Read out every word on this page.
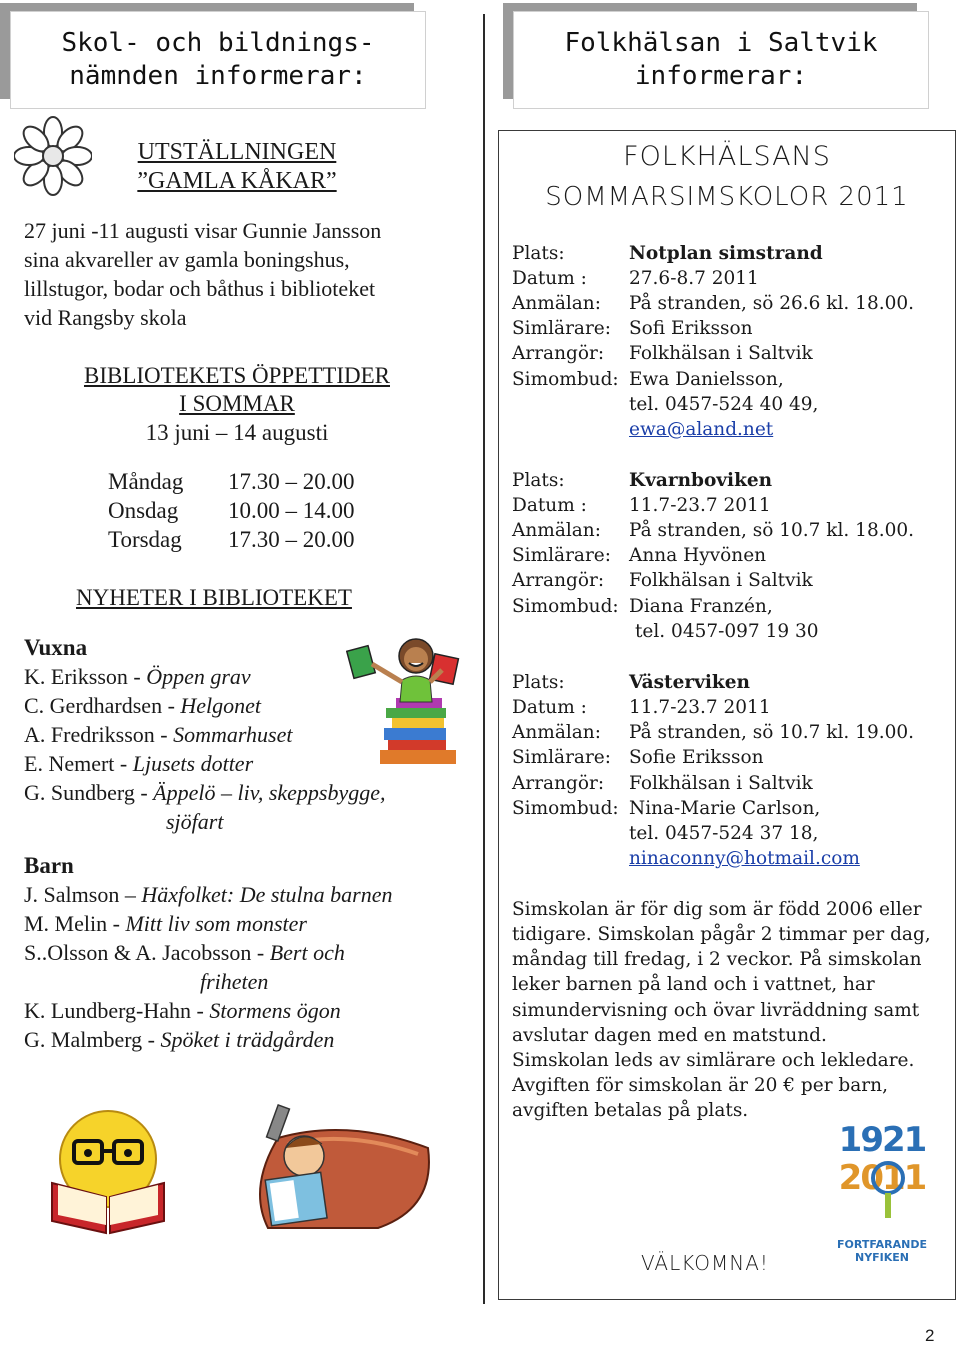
Skol- och bildnings-
nämnden informerar:
Folkhälsan i Saltvik
informerar:
UTSTÄLLNINGEN
”GAMLA KÅKAR”
27 juni -11 augusti visar Gunnie Jansson
sina akvareller av gamla boningshus,
lillstugor, bodar och båthus i biblioteket
vid Rangsby skola
BIBLIOTEKETS ÖPPETTIDER
I SOMMAR
13 juni – 14 augusti
Måndag 17.30 – 20.00
Onsdag 10.00 – 14.00
Torsdag 17.30 – 20.00
NYHETER I BIBLIOTEKET
Vuxna
K. Eriksson - Öppen grav
C. Gerdhardsen - Helgonet
A. Fredriksson - Sommarhuset
E. Nemert - Ljusets dotter
G. Sundberg - Äppelö – liv, skeppsbygge,
sjöfart
Barn
J. Salmson – Häxfolket: De stulna barnen
M. Melin - Mitt liv som monster
S..Olsson & A. Jacobsson - Bert och
friheten
K. Lundberg-Hahn - Stormens ögon
G. Malmberg - Spöket i trädgården
FOLKHÄLSANS
SOMMARSIMSKOLOR 2011
Plats:	Notplan simstrand
Datum : 27.6-8.7 2011
Anmälan: På stranden, sö 26.6 kl. 18.00.
Simlärare: Sofi Eriksson
Arrangör: Folkhälsan i Saltvik
Simombud: Ewa Danielsson,
tel. 0457-524 40 49,
ewa@aland.net
Plats:	Kvarnboviken
Datum : 11.7-23.7 2011
Anmälan: På stranden, sö 10.7 kl. 18.00.
Simlärare: Anna Hyvönen
Arrangör: Folkhälsan i Saltvik
Simombud: Diana Franzén,
tel. 0457-097 19 30
Plats:	Västerviken
Datum : 11.7-23.7 2011
Anmälan: På stranden, sö 10.7 kl. 19.00.
Simlärare: Sofie Eriksson
Arrangör: Folkhälsan i Saltvik
Simombud: Nina-Marie Carlson,
tel. 0457-524 37 18,
ninaconny@hotmail.com
Simskolan är för dig som är född 2006 eller
tidigare. Simskolan pågår 2 timmar per dag,
måndag till fredag, i 2 veckor. På simskolan
leker barnen på land och i vattnet, har
simundervisning och övar livräddning samt
avslutar dagen med en matstund.
Simskolan leds av simlärare och lekledare.
Avgiften för simskolan är 20 € per barn,
avgiften betalas på plats.
1921
2011
FORTFARANDE
NYFIKEN
VÄLKOMNA!
2
